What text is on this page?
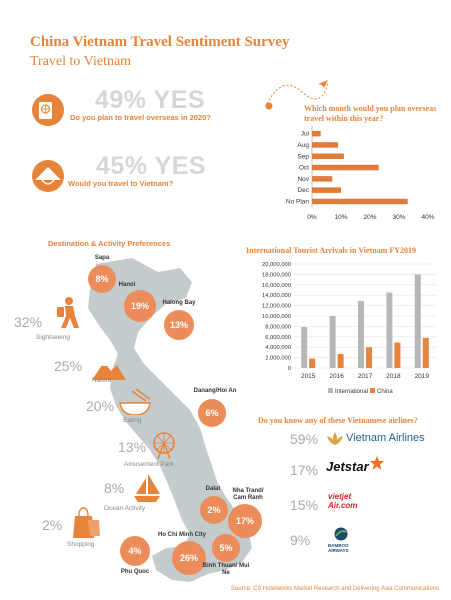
China Vietnam Travel Sentiment Survey
Travel to Vietnam
49% YES
Do you plan to travel overseas in 2020?
45% YES
Would you travel to Vietnam?
Which month would you plan overseas travel within this year?
Jul
Aug
Sep
Oct
Nov
Dec
No Plan
0%	10% 20% 30% 40%
Destination & Activity Preferences
32%
Sightseeing
25%
Nature
20%
Eating
13%
Amusement Park
8%
Ocean Activity
2%
Shopping
Sapa
8%
Hanoi
19%	Halong Bay
13%
Danang/Hoi An
6%
Dalat
2%
Nha Trand/ Cam Ranh
17%
Ho Chi Minh City
26%
4%
Phu Quoc
5%
Binh Thuan/ Mui Ne
International Tourist Arrivals in Vietnam FY2019
0
2,000,000
4,000,000
6,000,000
8,000,000
10,000,000
12,000,000
14,000,000
16,000,000
18,000,000
20,000,000
2015 2016 2017 2018 2019
International China
Do you know any of these Vietnamese airlines?
59%	Vietnam Airlines
17% Jetstar
15%
vietjet Air.com
9%	BAMBOO AIRWAYS
Source: C9 Hotelworks Market Research and Delivering Asia Communications
